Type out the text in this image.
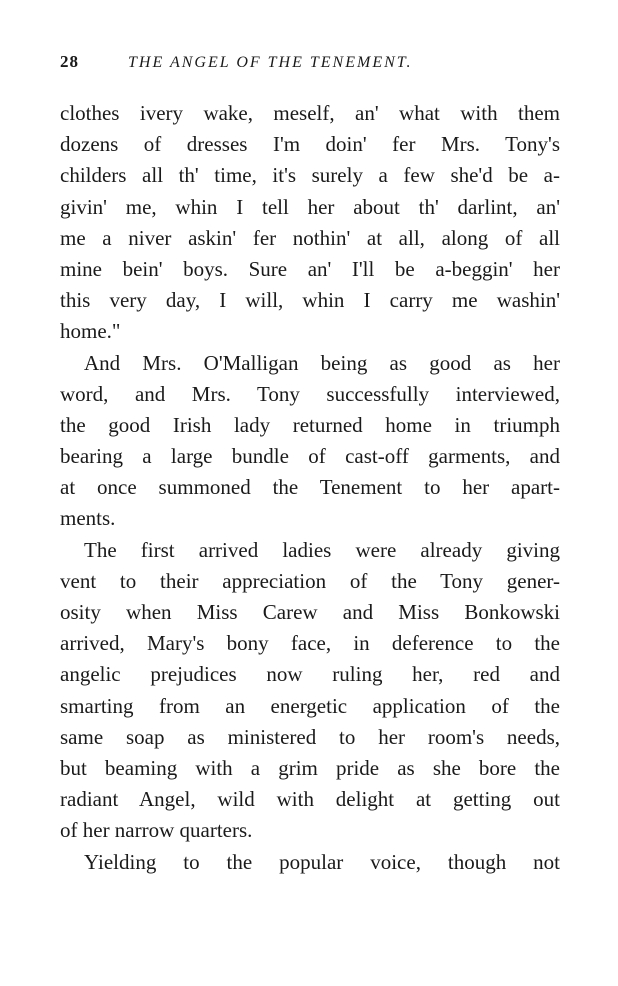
28	THE ANGEL OF THE TENEMENT.
clothes ivery wake, meself, an' what with them
dozens of dresses I'm doin' fer Mrs. Tony's
childers all th' time, it's surely a few she'd be a-
givin' me, whin I tell her about th' darlint, an'
me a niver askin' fer nothin' at all, along of all
mine bein' boys. Sure an' I'll be a-beggin' her
this very day, I will, whin I carry me washin'
home."
And Mrs. O'Malligan being as good as her
word, and Mrs. Tony successfully interviewed,
the good Irish lady returned home in triumph
bearing a large bundle of cast-off garments, and
at once summoned the Tenement to her apart-
ments.
The first arrived ladies were already giving
vent to their appreciation of the Tony gener-
osity when Miss Carew and Miss Bonkowski
arrived, Mary's bony face, in deference to the
angelic prejudices now ruling her, red and
smarting from an energetic application of the
same soap as ministered to her room's needs,
but beaming with a grim pride as she bore the
radiant Angel, wild with delight at getting out
of her narrow quarters.
Yielding to the popular voice, though not
